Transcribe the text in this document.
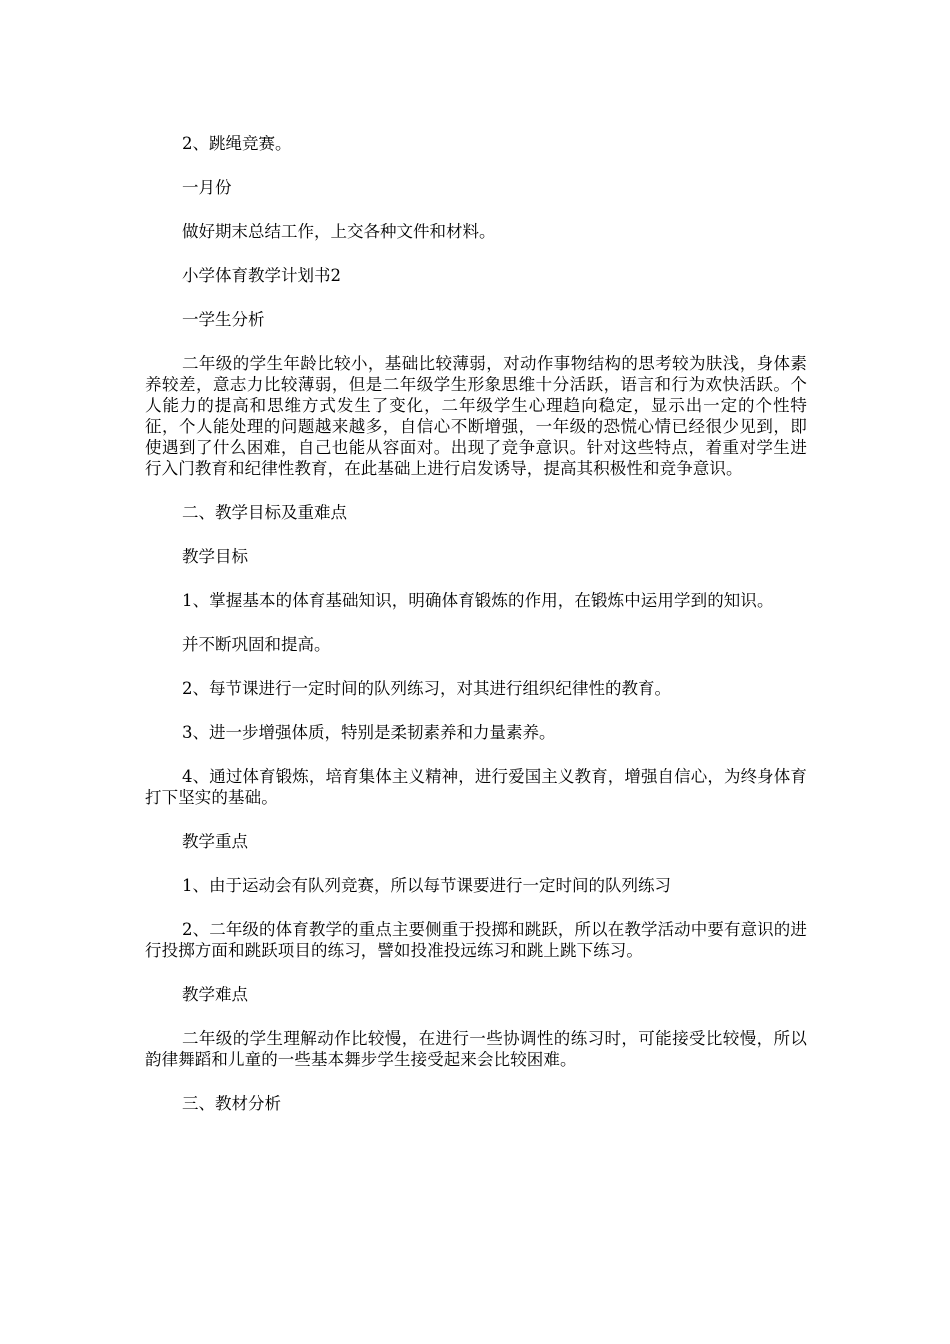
2、跳绳竞赛。

一月份

做好期末总结工作，上交各种文件和材料。

小学体育教学计划书2

一学生分析

二年级的学生年龄比较小，基础比较薄弱，对动作事物结构的思考较为肤浅，身体素养较差，意志力比较薄弱，但是二年级学生形象思维十分活跃，语言和行为欢快活跃。个人能力的提高和思维方式发生了变化，二年级学生心理趋向稳定，显示出一定的个性特征，个人能处理的问题越来越多，自信心不断增强，一年级的恐慌心情已经很少见到，即使遇到了什么困难，自己也能从容面对。出现了竞争意识。针对这些特点，着重对学生进行入门教育和纪律性教育，在此基础上进行启发诱导，提高其积极性和竞争意识。

二、教学目标及重难点

教学目标

1、掌握基本的体育基础知识，明确体育锻炼的作用，在锻炼中运用学到的知识。

并不断巩固和提高。

2、每节课进行一定时间的队列练习，对其进行组织纪律性的教育。

3、进一步增强体质，特别是柔韧素养和力量素养。

4、通过体育锻炼，培育集体主义精神，进行爱国主义教育，增强自信心，为终身体育打下坚实的基础。

教学重点

1、由于运动会有队列竞赛，所以每节课要进行一定时间的队列练习

2、二年级的体育教学的重点主要侧重于投掷和跳跃，所以在教学活动中要有意识的进行投掷方面和跳跃项目的练习，譬如投准投远练习和跳上跳下练习。

教学难点

二年级的学生理解动作比较慢，在进行一些协调性的练习时，可能接受比较慢，所以韵律舞蹈和儿童的一些基本舞步学生接受起来会比较困难。

三、教材分析
